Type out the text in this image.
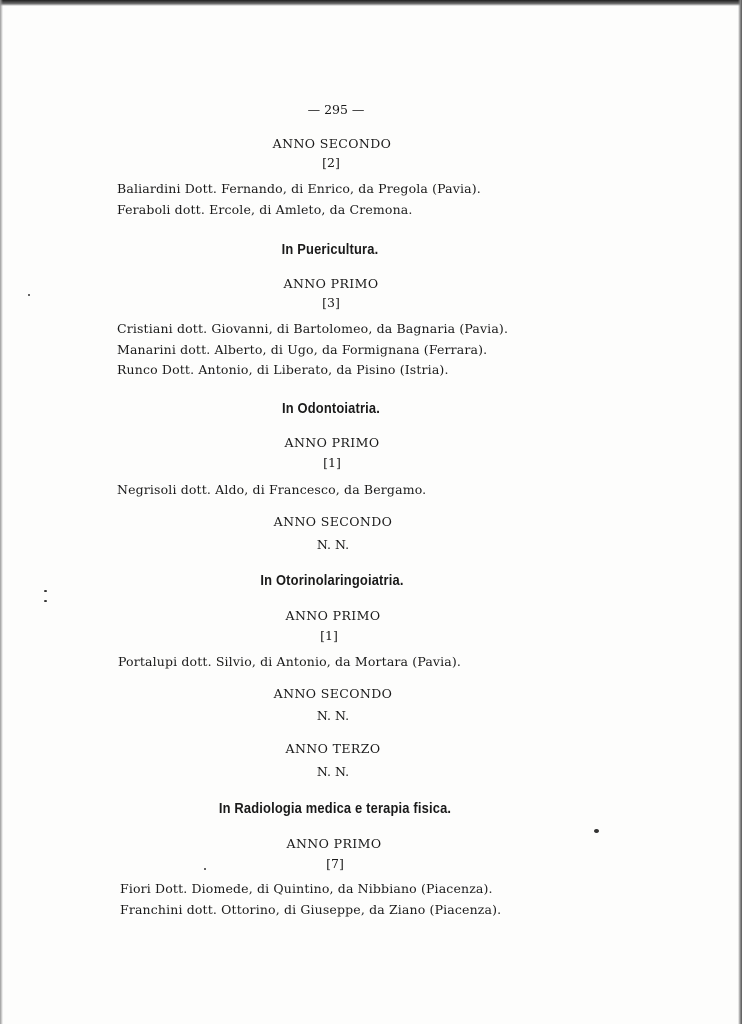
— 295 —
ANNO SECONDO
[2]
Baliardini Dott. Fernando, di Enrico, da Pregola (Pavia).
Feraboli dott. Ercole, di Amleto, da Cremona.
In Puericultura.
ANNO PRIMO
[3]
Cristiani dott. Giovanni, di Bartolomeo, da Bagnaria (Pavia).
Manarini dott. Alberto, di Ugo, da Formignana (Ferrara).
Runco Dott. Antonio, di Liberato, da Pisino (Istria).
In Odontoiatria.
ANNO PRIMO
[1]
Negrisoli dott. Aldo, di Francesco, da Bergamo.
ANNO SECONDO
N. N.
In Otorinolaringoiatria.
ANNO PRIMO
[1]
Portalupi dott. Silvio, di Antonio, da Mortara (Pavia).
ANNO SECONDO
N. N.
ANNO TERZO
N. N.
In Radiologia medica e terapia fisica.
ANNO PRIMO
[7]
Fiori Dott. Diomede, di Quintino, da Nibbiano (Piacenza).
Franchini dott. Ottorino, di Giuseppe, da Ziano (Piacenza).
